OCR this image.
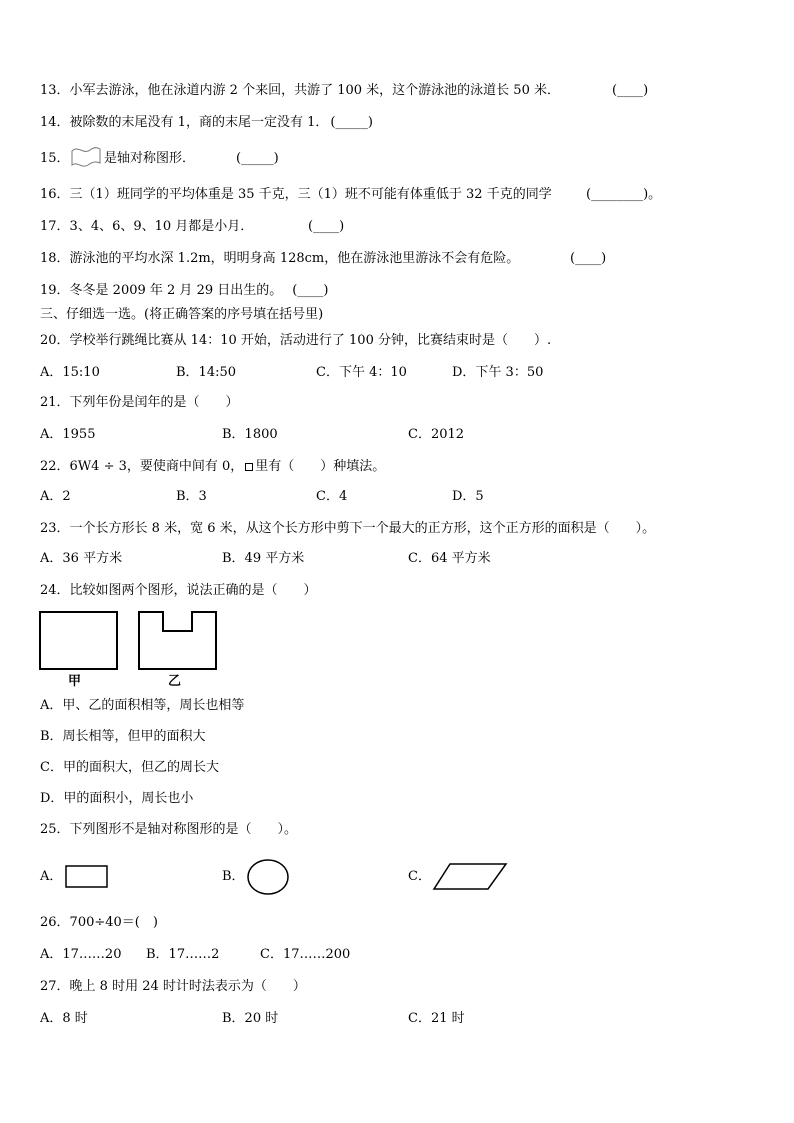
13．小军去游泳，他在泳道内游 2 个来回，共游了 100 米，这个游泳池的泳道长 50 米．	(____)
14．被除数的末尾没有 1，商的末尾一定没有 1． (_____)
15．	是轴对称图形．	(_____)
16．三（1）班同学的平均体重是 35 千克，三（1）班不可能有体重低于 32 千克的同学	(________)。
17．3、4、6、9、10 月都是小月．	(____)
18．游泳池的平均水深 1.2m，明明身高 128cm，他在游泳池里游泳不会有危险。	(____)
19．冬冬是 2009 年 2 月 29 日出生的。 (____)
三、仔细选一选。(将正确答案的序号填在括号里)
20．学校举行跳绳比赛从 14：10 开始，活动进行了 100 分钟，比赛结束时是（　　）.
A．15:10	B．14:50	C．下午 4：10	D．下午 3：50
21．下列年份是闰年的是（　　）
A．1955	B．1800	C．2012
22．6W4 ÷ 3，要使商中间有 0， 里有（　　）种填法。
A．2	B．3	C．4	D．5
23．一个长方形长 8 米，宽 6 米，从这个长方形中剪下一个最大的正方形，这个正方形的面积是（　　）。
A．36 平方米	B．49 平方米	C．64 平方米
24．比较如图两个图形，说法正确的是（　　）
甲	乙
A．甲、乙的面积相等，周长也相等
B．周长相等，但甲的面积大
C．甲的面积大，但乙的周长大
D．甲的面积小，周长也小
25．下列图形不是轴对称图形的是（　　）。
A．	B．	C．
26．700÷40＝(　)
A．17……20 B．17……2	C．17……200
27．晚上 8 时用 24 时计时法表示为（　　）
A．8 时	B．20 时	C．21 时
